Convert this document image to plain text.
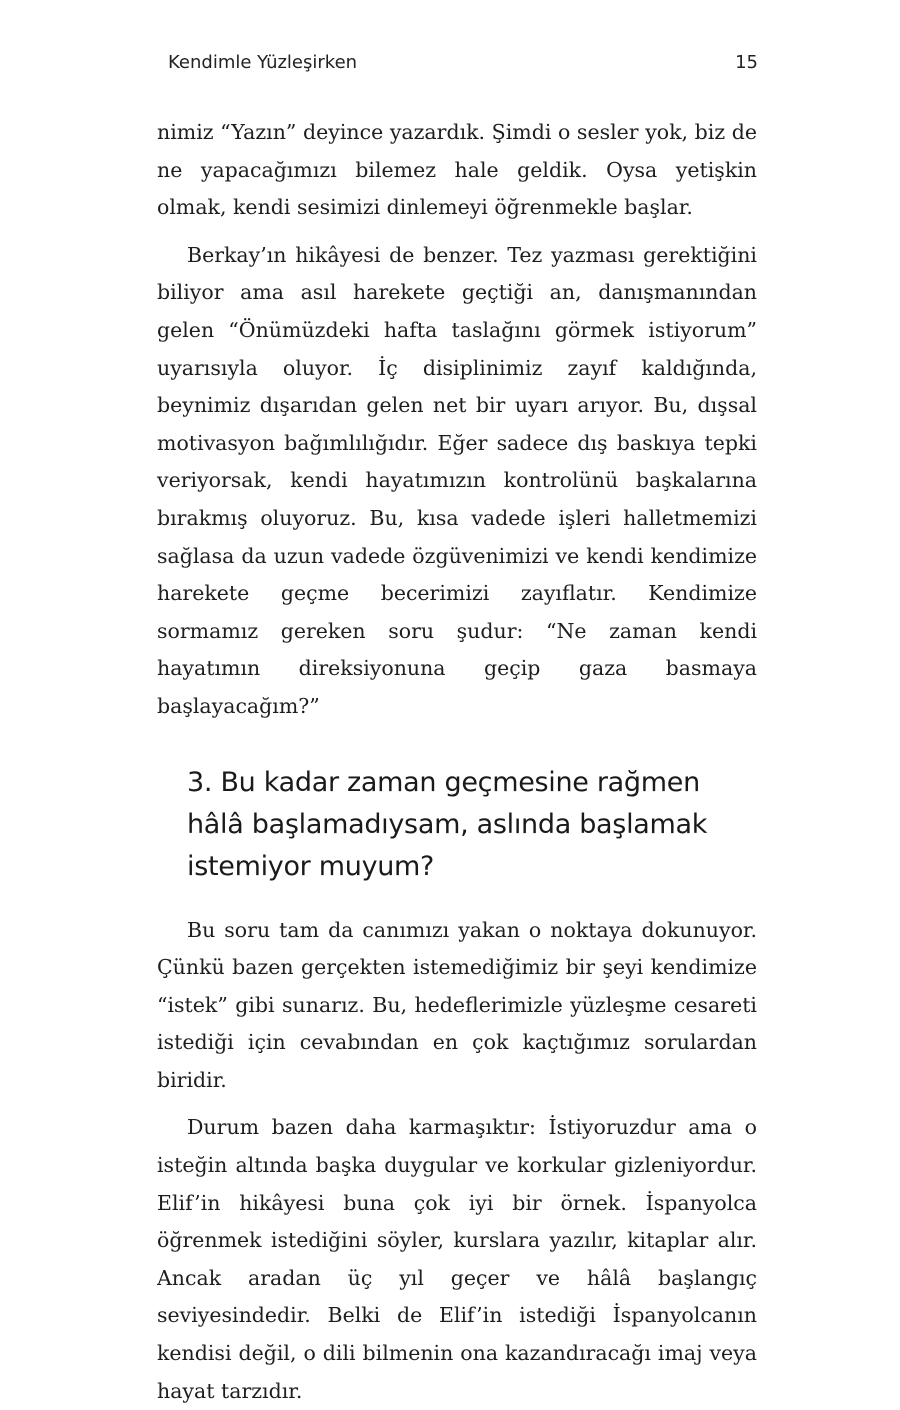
Kendimle Yüzleşirken	15

nimiz “Yazın” deyince yazardık. Şimdi o sesler yok, biz de ne yapacağımızı bilemez hale geldik. Oysa yetişkin olmak, kendi sesimizi dinlemeyi öğrenmekle başlar.

Berkay’ın hikâyesi de benzer. Tez yazması gerektiğini biliyor ama asıl harekete geçtiği an, danışmanından gelen “Önümüzdeki hafta taslağını görmek istiyorum” uyarısıyla oluyor. İç disiplinimiz zayıf kaldığında, beynimiz dışarıdan gelen net bir uyarı arıyor. Bu, dışsal motivasyon bağımlılığıdır. Eğer sadece dış baskıya tepki veriyorsak, kendi hayatımızın kontrolünü başkalarına bırakmış oluyoruz. Bu, kısa vadede işleri halletmemizi sağlasa da uzun vadede özgüvenimizi ve kendi kendimize harekete geçme becerimizi zayıflatır. Kendimize sormamız gereken soru şudur: “Ne zaman kendi hayatımın direksiyonuna geçip gaza basmaya başlayacağım?”

3. Bu kadar zaman geçmesine rağmen hâlâ başlamadıysam, aslında başlamak istemiyor muyum?

Bu soru tam da canımızı yakan o noktaya dokunuyor. Çünkü bazen gerçekten istemediğimiz bir şeyi kendimize “istek” gibi sunarız. Bu, hedeflerimizle yüzleşme cesareti istediği için cevabından en çok kaçtığımız sorulardan biridir.

Durum bazen daha karmaşıktır: İstiyoruzdur ama o isteğin altında başka duygular ve korkular gizleniyordur. Elif’in hikâyesi buna çok iyi bir örnek. İspanyolca öğrenmek istediğini söyler, kurslara yazılır, kitaplar alır. Ancak aradan üç yıl geçer ve hâlâ başlangıç seviyesindedir. Belki de Elif’in istediği İspanyolcanın kendisi değil, o dili bilmenin ona kazandıracağı imaj veya hayat tarzıdır.
